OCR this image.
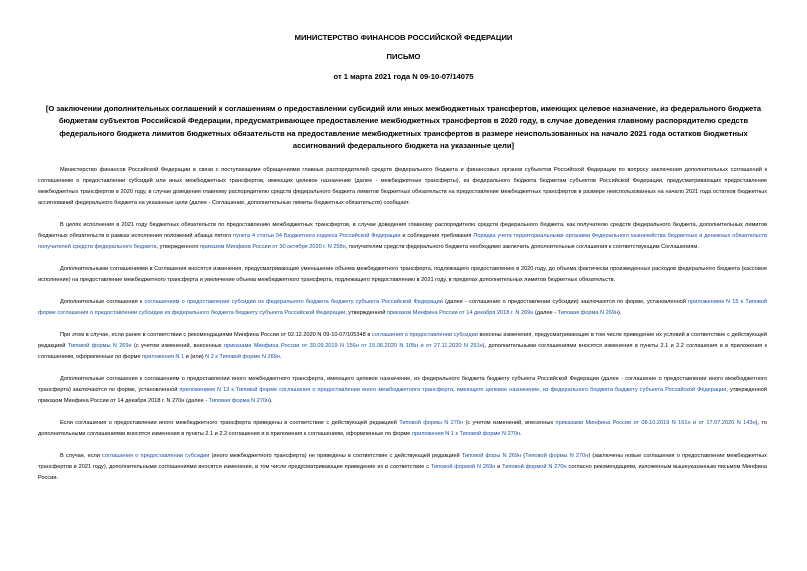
МИНИСТЕРСТВО ФИНАНСОВ РОССИЙСКОЙ ФЕДЕРАЦИИ
ПИСЬМО
от 1 марта 2021 года N 09-10-07/14075
[О заключении дополнительных соглашений к соглашениям о предоставлении субсидий или иных межбюджетных трансфертов, имеющих целевое назначение, из федерального бюджета бюджетам субъектов Российской Федерации, предусматривающее предоставление межбюджетных трансфертов в 2020 году, в случае доведения главному распорядителю средств федерального бюджета лимитов бюджетных обязательств на предоставление межбюджетных трансфертов в размере неиспользованных на начало 2021 года остатков бюджетных ассигнований федерального бюджета на указанные цели]

Министерство финансов Российской Федерации в связи с поступающими обращениями главных распорядителей средств федерального бюджета и финансовых органов субъектов Российской Федерации по вопросу заключения дополнительных соглашений к соглашениям о предоставлении субсидий или иных межбюджетных трансфертов, имеющих целевое назначение (далее - межбюджетные трансферты), из федерального бюджета бюджетам субъектов Российской Федерации, предусматривающих предоставление межбюджетных трансфертов в 2020 году, в случае доведения главному распорядителю средств федерального бюджета лимитов бюджетных обязательств на предоставление межбюджетных трансфертов в размере неиспользованных на начало 2021 года остатков бюджетных ассигнований федерального бюджета на указанные цели (далее - Соглашение, дополнительные лимиты бюджетных обязательств) сообщает.

В целях исполнения в 2021 году бюджетных обязательств по предоставлению межбюджетных трансфертов, в случае доведения главному распорядителю средств федерального бюджета, как получателю средств федерального бюджета, дополнительных лимитов бюджетных обязательств в рамках исполнения положений абзаца пятого пункта 4 статьи 94 Бюджетного кодекса Российской Федерации и соблюдения требования Порядка учета территориальными органами Федерального казначейства бюджетных и денежных обязательств получателей средств федерального бюджета, утвержденного приказом Минфина России от 30 октября 2020 г. N 258н, получателям средств федерального бюджета необходимо заключить дополнительные соглашения к соответствующим Соглашениям.

Дополнительными соглашениями в Соглашения вносятся изменения, предусматривающие уменьшение объема межбюджетного трансферта, подлежащего предоставлению в 2020 году, до объема фактически произведенных расходов федерального бюджета (кассовое исполнение) на предоставление межбюджетного трансферта и увеличение объема межбюджетного трансферта, подлежащего предоставлению в 2021 году, в пределах дополнительных лимитов бюджетных обязательств.

Дополнительные соглашения к соглашениям о предоставлении субсидии из федерального бюджета бюджету субъекта Российской Федерации (далее - соглашение о предоставлении субсидии) заключаются по форме, установленной приложением N 15 к Типовой форме соглашения о предоставлении субсидии из федерального бюджета бюджету субъекта Российской Федерации, утвержденной приказом Минфина России от 14 декабря 2018 г. N 269н (далее - Типовая форма N 269н).

При этом в случае, если ранее в соответствии с рекомендациями Минфина России от 02.12.2020 N 09-10-07/105348 в соглашения о предоставлении субсидии внесены изменения, предусматривающие в том числе приведение их условий в соответствие с действующей редакцией Типовой формы N 269н (с учетом изменений, внесенных приказами Минфина России от 30.09.2019 N 156н от 15.06.2020 N 105н и от 27.11.2020 N 291н), дополнительными соглашениями вносятся изменения в пункты 2.1 и 2.2 соглашения и в приложения к соглашениям, оформленные по форме приложения N 1 и (или) N 2 к Типовой форме N 269н.

Дополнительные соглашения к соглашениям о предоставлении иного межбюджетного трансферта, имеющего целевое назначение, из федерального бюджета бюджету субъекта Российской Федерации (далее - соглашение о предоставлении иного межбюджетного трансферта) заключаются по форме, установленной приложением N 13 к Типовой форме соглашения о предоставлении иного межбюджетного трансферта, имеющего целевое назначение, из федерального бюджета бюджету субъекта Российской Федерации, утвержденной приказом Минфина России от 14 декабря 2018 г. N 270н (далее - Типовая форма N 270н).

Если соглашения о предоставлении иного межбюджетного трансферта приведены в соответствие с действующей редакцией Типовой формы N 270н (с учетом изменений, внесенных приказами Минфина России от 08.10.2019 N 161н и от 17.07.2020 N 143н), то дополнительными соглашениями вносятся изменения в пункты 2.1 и 2.2 соглашения и в приложения к соглашениям, оформленные по форме приложения N 1 к Типовой форме N 270н.

В случае, если соглашения о предоставлении субсидии (иного межбюджетного трансферта) не приведены в соответствие с действующей редакцией Типовой форы N 269н (Типовой формы N 270н) (заключены новые соглашения о предоставлении межбюджетных трансфертов в 2021 году), дополнительными соглашениями вносятся изменения, в том числе предусматривающие приведение их в соответствие с Типовой формой N 269н и Типовой формой N 270н согласно рекомендациям, изложенным вышеуказанным письмом Минфина России.
